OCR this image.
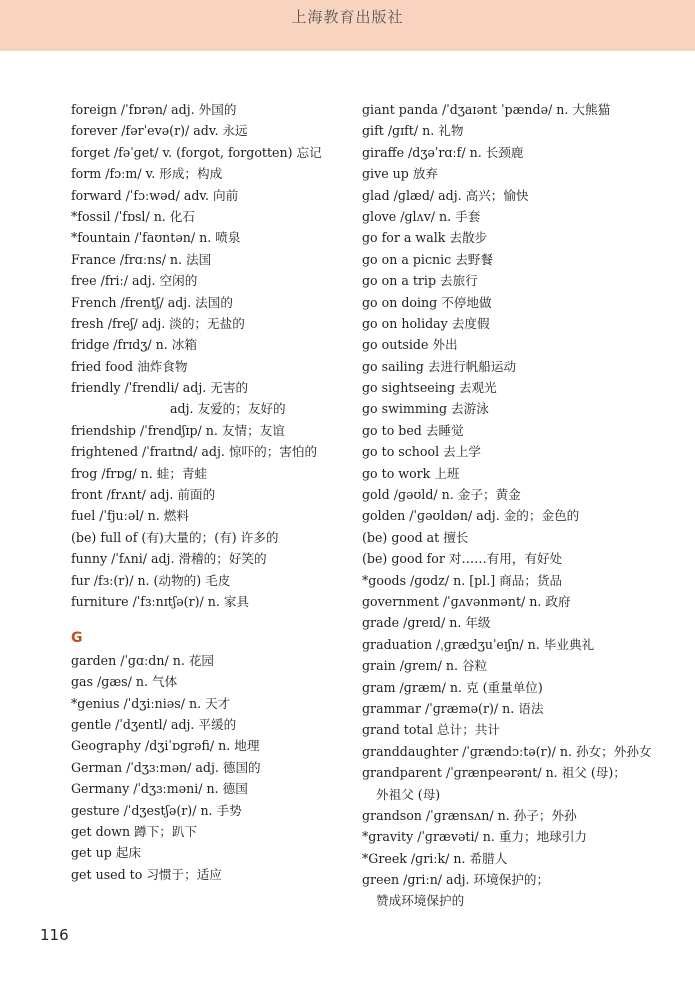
上海教育出版社
foreign /ˈfɒrən/ adj. 外国的
forever /fərˈevə(r)/ adv. 永远
forget /fəˈɡet/ v. (forgot, forgotten) 忘记
form /fɔːm/ v. 形成；构成
forward /ˈfɔːwəd/ adv. 向前
*fossil /ˈfɒsl/ n. 化石
*fountain /ˈfaʊntən/ n. 喷泉
France /frɑːns/ n. 法国
free /friː/ adj. 空闲的
French /frentʃ/ adj. 法国的
fresh /freʃ/ adj. 淡的；无盐的
fridge /frɪdʒ/ n. 冰箱
fried food 油炸食物
friendly /ˈfrendli/ adj. 无害的
adj. 友爱的；友好的
friendship /ˈfrendʃɪp/ n. 友情；友谊
frightened /ˈfraɪtnd/ adj. 惊吓的；害怕的
frog /frɒɡ/ n. 蛙；青蛙
front /frʌnt/ adj. 前面的
fuel /ˈfjuːəl/ n. 燃料
(be) full of (有)大量的；(有) 许多的
funny /ˈfʌni/ adj. 滑稽的；好笑的
fur /fɜː(r)/ n. (动物的) 毛皮
furniture /ˈfɜːnɪtʃə(r)/ n. 家具
G
garden /ˈɡɑːdn/ n. 花园
gas /ɡæs/ n. 气体
*genius /ˈdʒiːniəs/ n. 天才
gentle /ˈdʒentl/ adj. 平缓的
Geography /dʒiˈɒɡrəfi/ n. 地理
German /ˈdʒɜːmən/ adj. 德国的
Germany /ˈdʒɜːməni/ n. 德国
gesture /ˈdʒestʃə(r)/ n. 手势
get down 蹲下；趴下
get up 起床
get used to 习惯于；适应
giant panda /ˈdʒaɪənt ˈpændə/ n. 大熊猫
gift /ɡɪft/ n. 礼物
giraffe /dʒəˈrɑːf/ n. 长颈鹿
give up 放弃
glad /ɡlæd/ adj. 高兴；愉快
glove /ɡlʌv/ n. 手套
go for a walk 去散步
go on a picnic 去野餐
go on a trip 去旅行
go on doing 不停地做
go on holiday 去度假
go outside 外出
go sailing 去进行帆船运动
go sightseeing 去观光
go swimming 去游泳
go to bed 去睡觉
go to school 去上学
go to work 上班
gold /ɡəʊld/ n. 金子；黄金
golden /ˈɡəʊldən/ adj. 金的；金色的
(be) good at 擅长
(be) good for 对……有用，有好处
*goods /ɡʊdz/ n. [pl.] 商品；货品
government /ˈɡʌvənmənt/ n. 政府
grade /ɡreɪd/ n. 年级
graduation /ˌɡrædʒuˈeɪʃn/ n. 毕业典礼
grain /ɡreɪn/ n. 谷粒
gram /ɡræm/ n. 克 (重量单位)
grammar /ˈɡræmə(r)/ n. 语法
grand total 总计；共计
granddaughter /ˈɡrændɔːtə(r)/ n. 孙女；外孙女
grandparent /ˈɡrænpeərənt/ n. 祖父 (母)；
外祖父 (母)
grandson /ˈɡrænsʌn/ n. 孙子；外孙
*gravity /ˈɡrævəti/ n. 重力；地球引力
*Greek /ɡriːk/ n. 希腊人
green /ɡriːn/ adj. 环境保护的；
赞成环境保护的
116
